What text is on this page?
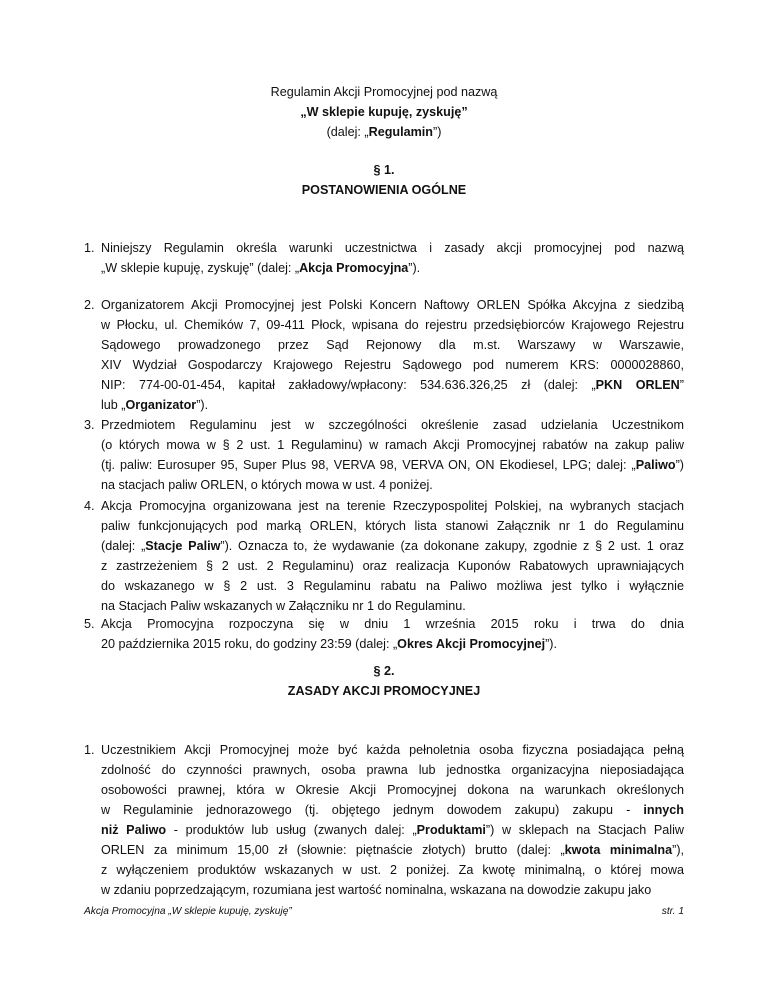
Regulamin Akcji Promocyjnej pod nazwą
„W sklepie kupuję, zyskuję”
(dalej: „Regulamin”)
§ 1.
POSTANOWIENIA OGÓLNE
1. Niniejszy Regulamin określa warunki uczestnictwa i zasady akcji promocyjnej pod nazwą
„W sklepie kupuję, zyskuję” (dalej: „Akcja Promocyjna”).
2. Organizatorem Akcji Promocyjnej jest Polski Koncern Naftowy ORLEN Spółka Akcyjna z siedzibą
w Płocku, ul. Chemików 7, 09-411 Płock, wpisana do rejestru przedsiębiorców Krajowego Rejestru
Sądowego prowadzonego przez Sąd Rejonowy dla m.st. Warszawy w Warszawie,
XIV Wydział Gospodarczy Krajowego Rejestru Sądowego pod numerem KRS: 0000028860,
NIP: 774-00-01-454, kapitał zakładowy/wpłacony: 534.636.326,25 zł (dalej: „PKN ORLEN”
lub „Organizator”).
3. Przedmiotem Regulaminu jest w szczególności określenie zasad udzielania Uczestnikom
(o których mowa w § 2 ust. 1 Regulaminu) w ramach Akcji Promocyjnej rabatów na zakup paliw
(tj. paliw: Eurosuper 95, Super Plus 98, VERVA 98, VERVA ON, ON Ekodiesel, LPG; dalej: „Paliwo”)
na stacjach paliw ORLEN, o których mowa w ust. 4 poniżej.
4. Akcja Promocyjna organizowana jest na terenie Rzeczypospolitej Polskiej, na wybranych stacjach
paliw funkcjonujących pod marką ORLEN, których lista stanowi Załącznik nr 1 do Regulaminu
(dalej: „Stacje Paliw”). Oznacza to, że wydawanie (za dokonane zakupy, zgodnie z § 2 ust. 1 oraz
z zastrzeżeniem § 2 ust. 2 Regulaminu) oraz realizacja Kuponów Rabatowych uprawniających
do wskazanego w § 2 ust. 3 Regulaminu rabatu na Paliwo możliwa jest tylko i wyłącznie
na Stacjach Paliw wskazanych w Załączniku nr 1 do Regulaminu.
5. Akcja Promocyjna rozpoczyna się w dniu 1 września 2015 roku i trwa do dnia
20 października 2015 roku, do godziny 23:59 (dalej: „Okres Akcji Promocyjnej”).
§ 2.
ZASADY AKCJI PROMOCYJNEJ
1. Uczestnikiem Akcji Promocyjnej może być każda pełnoletnia osoba fizyczna posiadająca pełną
zdolność do czynności prawnych, osoba prawna lub jednostka organizacyjna nieposiadająca
osobowości prawnej, która w Okresie Akcji Promocyjnej dokona na warunkach określonych
w Regulaminie jednorazowego (tj. objętego jednym dowodem zakupu) zakupu - innych
niż Paliwo - produktów lub usług (zwanych dalej: „Produktami”) w sklepach na Stacjach Paliw
ORLEN za minimum 15,00 zł (słownie: piętnaście złotych) brutto (dalej: „kwota minimalna”),
z wyłączeniem produktów wskazanych w ust. 2 poniżej. Za kwotę minimalną, o której mowa
w zdaniu poprzedzającym, rozumiana jest wartość nominalna, wskazana na dowodzie zakupu jako
Akcja Promocyjna „W sklepie kupuję, zyskuję”	str. 1
